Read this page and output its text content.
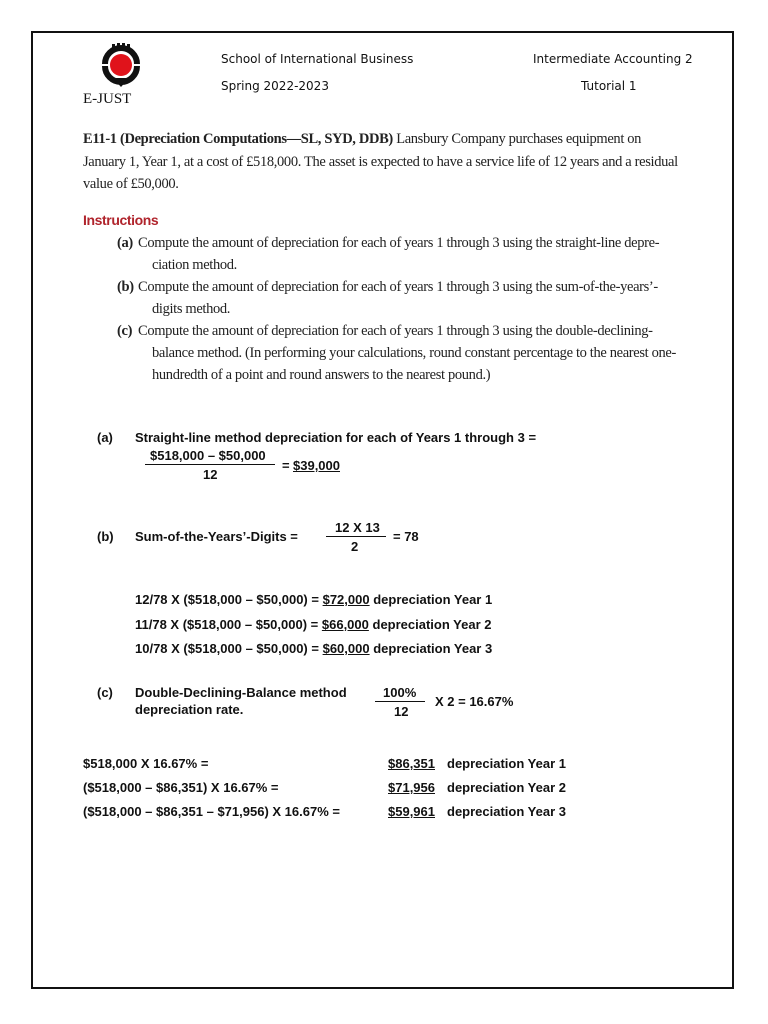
E-JUST
School of International Business
Spring 2022-2023
Intermediate Accounting 2
Tutorial 1
E11-1 (Depreciation Computations—SL, SYD, DDB) Lansbury Company purchases equipment on
January 1, Year 1, at a cost of £518,000. The asset is expected to have a service life of 12 years and a residual
value of £50,000.
Instructions
(a) Compute the amount of depreciation for each of years 1 through 3 using the straight-line depre-
ciation method.
(b) Compute the amount of depreciation for each of years 1 through 3 using the sum-of-the-years’-
digits method.
(c) Compute the amount of depreciation for each of years 1 through 3 using the double-declining-
balance method. (In performing your calculations, round constant percentage to the nearest one-
hundredth of a point and round answers to the nearest pound.)
(a) Straight-line method depreciation for each of Years 1 through 3 =
$518,000 – $50,000
12
= $39,000
(b) Sum-of-the-Years’-Digits =
12 X 13
2
= 78
12/78 X ($518,000 – $50,000) = $72,000 depreciation Year 1
11/78 X ($518,000 – $50,000) = $66,000 depreciation Year 2
10/78 X ($518,000 – $50,000) = $60,000 depreciation Year 3
(c) Double-Declining-Balance method
depreciation rate.
100%
12
X 2 = 16.67%
$518,000 X 16.67% =	$86,351 depreciation Year 1
($518,000 – $86,351) X 16.67% =	$71,956 depreciation Year 2
($518,000 – $86,351 – $71,956) X 16.67% =	$59,961 depreciation Year 3
